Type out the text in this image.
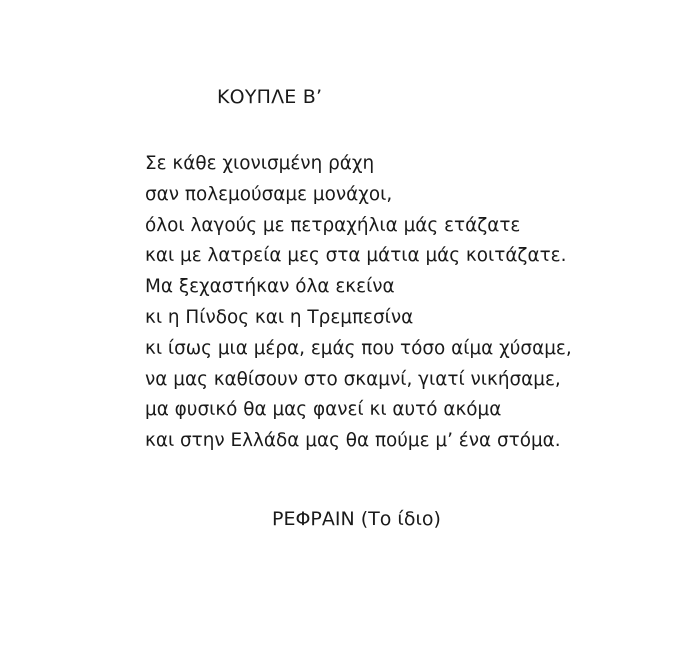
ΚΟΥΠΛΕ Β’
Σε κάθε χιονισμένη ράχη
σαν πολεμούσαμε μονάχοι,
όλοι λαγούς με πετραχήλια μάς ετάζατε
και με λατρεία μες στα μάτια μάς κοιτάζατε.
Μα ξεχαστήκαν όλα εκείνα
κι η Πίνδος και η Τρεμπεσίνα
κι ίσως μια μέρα, εμάς που τόσο αίμα χύσαμε,
να μας καθίσουν στο σκαμνί, γιατί νικήσαμε,
μα φυσικό θα μας φανεί κι αυτό ακόμα
και στην Ελλάδα μας θα πούμε μ’ ένα στόμα.
ΡΕΦΡΑΙΝ (Το ίδιο)
